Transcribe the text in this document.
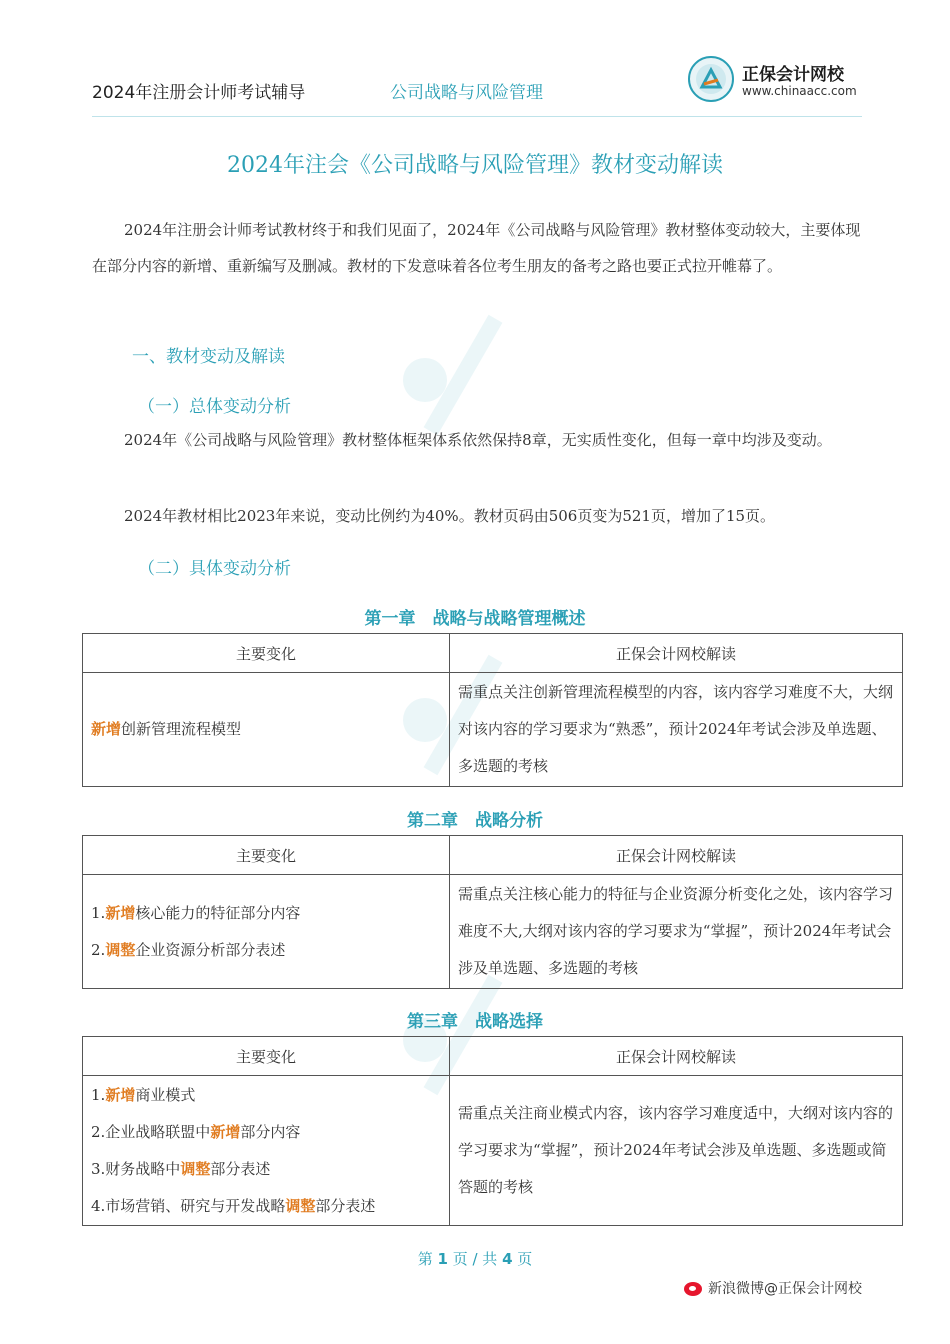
2024年注册会计师考试辅导	公司战略与风险管理
正保会计网校
www.chinaacc.com
2024年注会《公司战略与风险管理》教材变动解读
2024年注册会计师考试教材终于和我们见面了，2024年《公司战略与风险管理》教材整体变动较大，主要体现在部分内容的新增、重新编写及删减。教材的下发意味着各位考生朋友的备考之路也要正式拉开帷幕了。
一、教材变动及解读
（一）总体变动分析
2024年《公司战略与风险管理》教材整体框架体系依然保持8章，无实质性变化，但每一章中均涉及变动。
2024年教材相比2023年来说，变动比例约为40%。教材页码由506页变为521页，增加了15页。
（二）具体变动分析
第一章　战略与战略管理概述
主要变化	正保会计网校解读

新增创新管理流程模型	需重点关注创新管理流程模型的内容，该内容学习难度不大，大纲对该内容的学习要求为“熟悉”，预计2024年考试会涉及单选题、多选题的考核
第二章　战略分析
主要变化	正保会计网校解读

1.新增核心能力的特征部分内容
2.调整企业资源分析部分表述	需重点关注核心能力的特征与企业资源分析变化之处，该内容学习难度不大,大纲对该内容的学习要求为“掌握”，预计2024年考试会涉及单选题、多选题的考核
第三章　战略选择
主要变化	正保会计网校解读

1.新增商业模式
2.企业战略联盟中新增部分内容
3.财务战略中调整部分表述
4.市场营销、研究与开发战略调整部分表述	需重点关注商业模式内容，该内容学习难度适中，大纲对该内容的学习要求为“掌握”，预计2024年考试会涉及单选题、多选题或简答题的考核
第 1 页 / 共 4 页
新浪微博@正保会计网校
